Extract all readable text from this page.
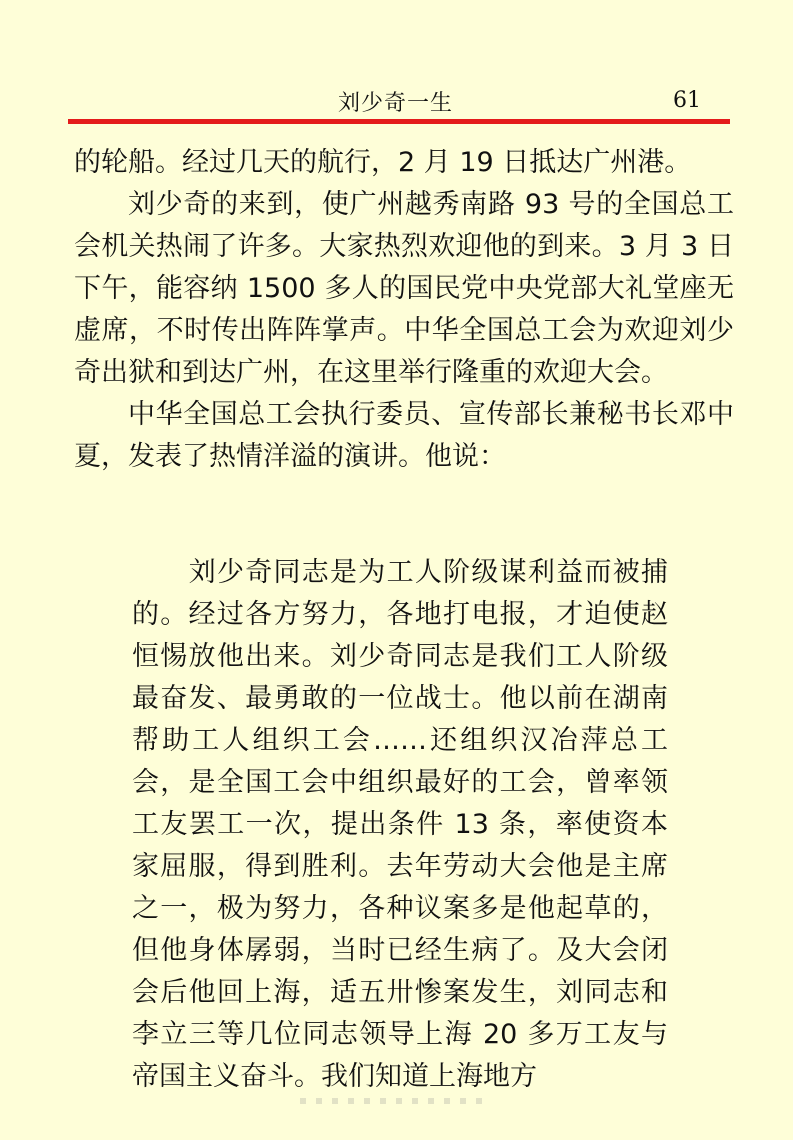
刘少奇一生	61

的轮船。经过几天的航行，2 月 19 日抵达广州港。

刘少奇的来到，使广州越秀南路 93 号的全国总工会机关热闹了许多。大家热烈欢迎他的到来。3 月 3 日下午，能容纳 1500 多人的国民党中央党部大礼堂座无虚席，不时传出阵阵掌声。中华全国总工会为欢迎刘少奇出狱和到达广州，在这里举行隆重的欢迎大会。

中华全国总工会执行委员、宣传部长兼秘书长邓中夏，发表了热情洋溢的演讲。他说：

刘少奇同志是为工人阶级谋利益而被捕的。经过各方努力，各地打电报，才迫使赵恒惕放他出来。刘少奇同志是我们工人阶级最奋发、最勇敢的一位战士。他以前在湖南帮助工人组织工会……还组织汉冶萍总工会，是全国工会中组织最好的工会，曾率领工友罢工一次，提出条件 13 条，率使资本家屈服，得到胜利。去年劳动大会他是主席之一，极为努力，各种议案多是他起草的，但他身体孱弱，当时已经生病了。及大会闭会后他回上海，适五卅惨案发生，刘同志和李立三等几位同志领导上海 20 多万工友与帝国主义奋斗。我们知道上海地方
